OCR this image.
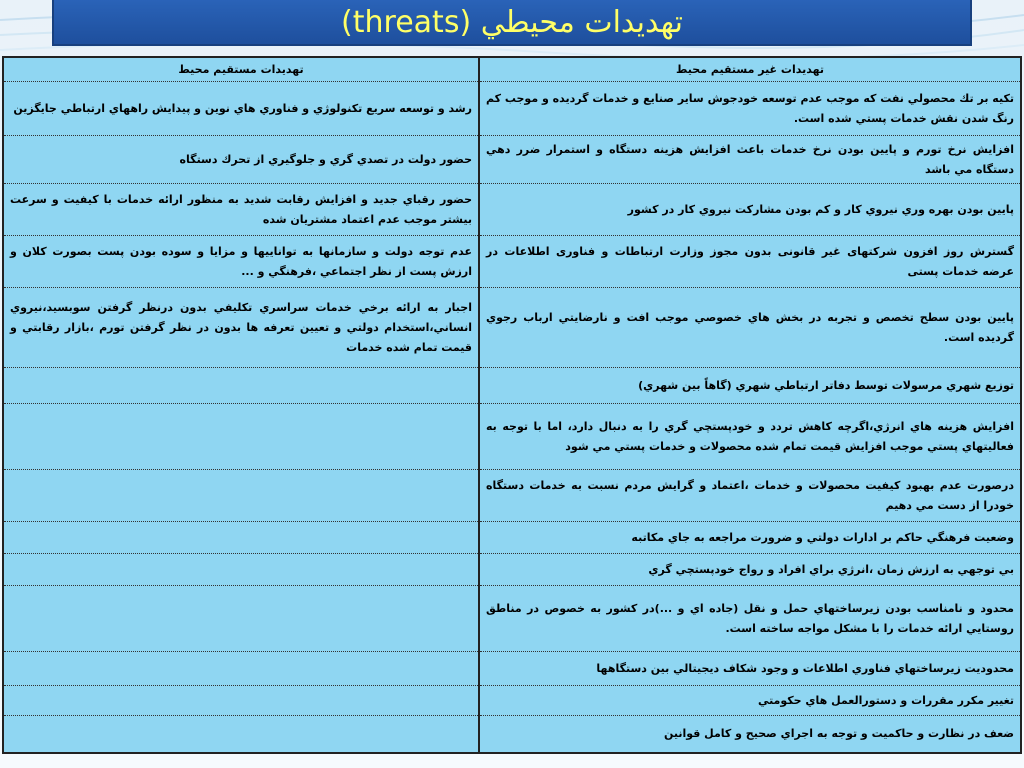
تهديدات محيطي (threats)
تهديدات مستقيم محيط
رشد و توسعه سريع تكنولوژي و فناوري هاي نوين و پيدايش راههاي ارتباطي جايگزين
حضور دولت در تصدي گري و جلوگيري از تحرك دستگاه
حضور رقباي جديد و افزايش رقابت شديد به منظور ارائه خدمات با كيفيت و سرعت بيشتر موجب عدم اعتماد مشتريان شده
عدم توجه دولت و سازمانها به تواناييها و مزايا و سوده بودن پست بصورت كلان و ارزش پست از نظر اجتماعي ،فرهنگي و ...
اجبار به ارائه برخي خدمات سراسري تكليفي بدون درنظر گرفتن سوبسيد،نيروي انساني،استخدام دولتي و تعيين تعرفه ها بدون در نظر گرفتن تورم ،بازار رقابتي و قيمت تمام شده خدمات
تهديدات غير مستقيم محيط
تكيه بر تك محصولي نفت كه موجب عدم توسعه خودجوش ساير صنايع و خدمات گرديده و موجب كم رنگ شدن نقش خدمات پستي شده است.
افزايش نرخ تورم و پايين بودن نرخ خدمات باعث افزايش هزينه دستگاه و استمرار ضرر دهي دستگاه مي باشد
پايين بودن بهره وري نيروي كار و كم بودن مشاركت نيروي كار در كشور
گسترش روز افزون شركتهای غیر قانونی بدون مجوز وزارت ارتباطات و فناوری اطلاعات در عرضه خدمات پستی
پايين بودن سطح تخصص و تجربه در بخش هاي خصوصي موجب افت و نارضايتي ارباب رجوي گرديده است.
توزيع شهري مرسولات توسط دفاتر ارتباطي شهري (گاهاً بين شهري)
افزايش هزينه هاي انرژي،اگرچه كاهش تردد و خودپستچي گري را به دنبال دارد، اما با توجه به فعاليتهاي پستي موجب افزايش قيمت تمام شده محصولات و خدمات پستي مي شود
درصورت عدم بهبود كيفيت محصولات و خدمات ،اعتماد و گرايش مردم نسبت به خدمات دستگاه خودرا از دست مي دهيم
وضعيت فرهنگي حاكم بر ادارات دولتي و ضرورت مراجعه به جاي مكاتبه
بي توجهي به ارزش زمان ،انرژي براي افراد و رواج خودپستچي گري
محدود و نامناسب بودن زيرساختهاي حمل و نقل (جاده اي و ...)در كشور به خصوص در مناطق روستايي ارائه خدمات را با مشكل مواجه ساخته است.
محدوديت زيرساختهاي فناوري اطلاعات و وجود شكاف ديجيتالي بين دستگاهها
تغيير مكرر مقررات و دستورالعمل هاي حكومتي
ضعف در نظارت و حاكميت و توجه به اجراي صحيح و كامل قوانين
